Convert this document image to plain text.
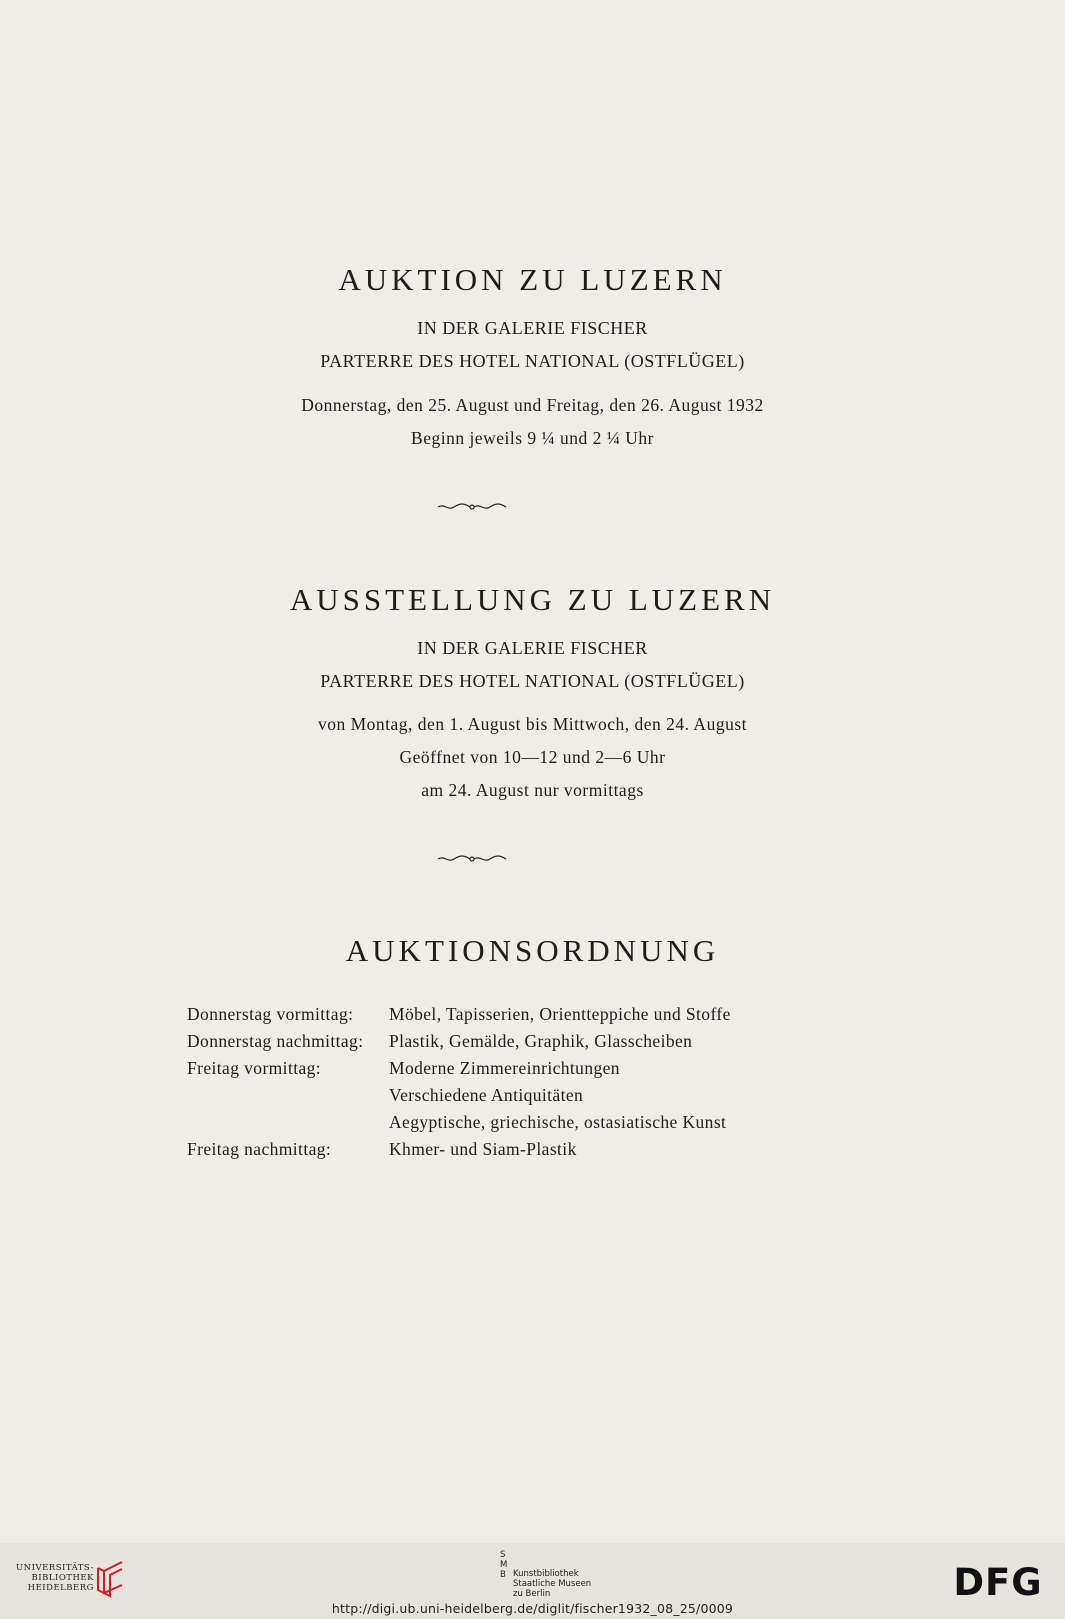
AUKTION ZU LUZERN
IN DER GALERIE FISCHER
PARTERRE DES HOTEL NATIONAL (OSTFLÜGEL)
Donnerstag, den 25. August und Freitag, den 26. August 1932
Beginn jeweils 9 ¼ und 2 ¼ Uhr
AUSSTELLUNG ZU LUZERN
IN DER GALERIE FISCHER
PARTERRE DES HOTEL NATIONAL (OSTFLÜGEL)
von Montag, den 1. August bis Mittwoch, den 24. August
Geöffnet von 10—12 und 2—6 Uhr
am 24. August nur vormittags
AUKTIONSORDNUNG
Donnerstag vormittag: Möbel, Tapisserien, Orientteppiche und Stoffe
Donnerstag nachmittag: Plastik, Gemälde, Graphik, Glasscheiben
Freitag vormittag:	Moderne Zimmereinrichtungen
Verschiedene Antiquitäten
Aegyptische, griechische, ostasiatische Kunst
Freitag nachmittag:	Khmer- und Siam-Plastik
UNIVERSITÄTS-
BIBLIOTHEK
HEIDELBERG
S M
B Kunstbibliothek
Staatliche Museen
zu Berlin	DFG
http://digi.ub.uni-heidelberg.de/diglit/fischer1932_08_25/0009
